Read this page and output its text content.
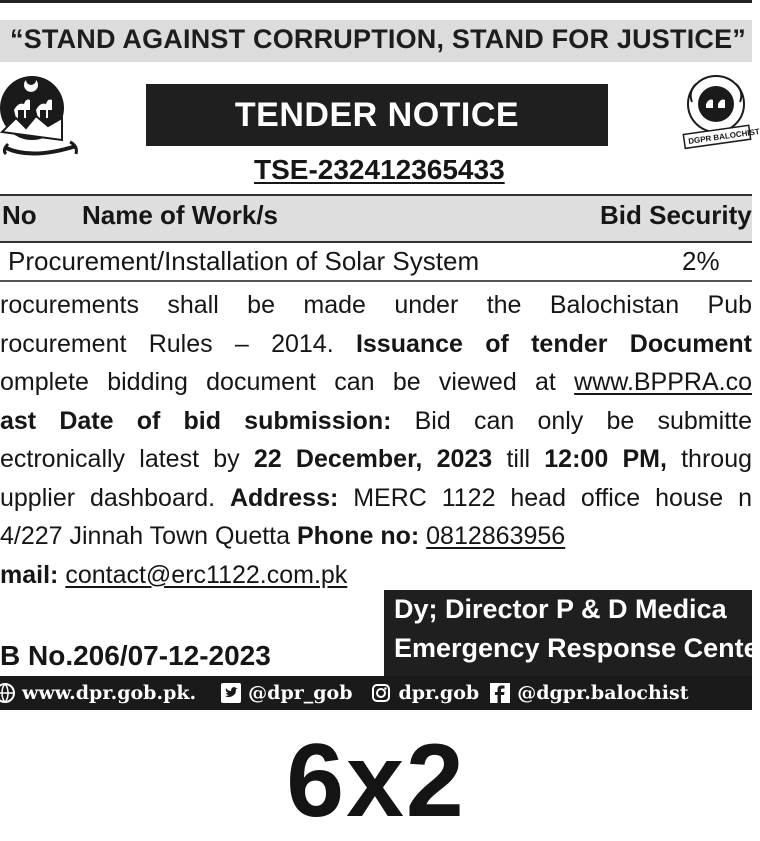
“STAND AGAINST CORRUPTION, STAND FOR JUSTICE”
DGPR BALOCHIST
TENDER NOTICE
TSE-232412365433
No Name of Work/s	Bid Security
Procurement/Installation of Solar System	2%
rocurements shall be made under the Balochistan Pub
rocurement Rules – 2014. Issuance of tender Document
omplete bidding document can be viewed at www.BPPRA.co
ast Date of bid submission: Bid can only be submitte
ectronically latest by 22 December, 2023 till 12:00 PM, throug
upplier dashboard. Address: MERC 1122 head office house n
4/227 Jinnah Town Quetta Phone no: 0812863956
mail: contact@erc1122.com.pk
Dy; Director P & D Medica
Emergency Response Cente
B No.206/07-12-2023
www.dpr.gob.pk.	@dpr_gob dpr.gob @dgpr.balochist
6x2
